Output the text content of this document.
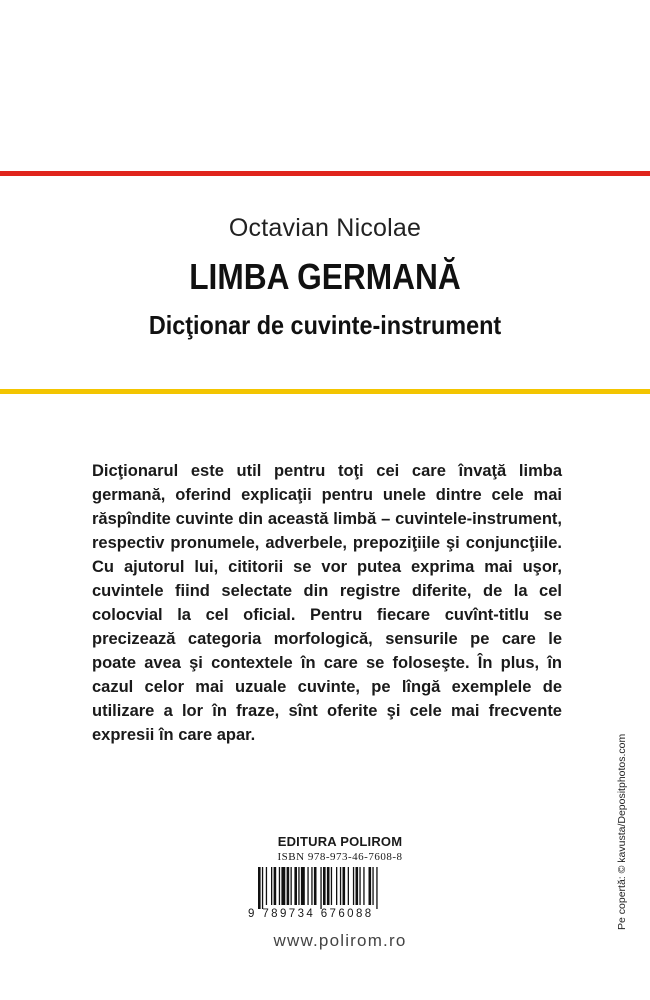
Octavian Nicolae
LIMBA GERMANĂ
Dicţionar de cuvinte-instrument
Dicţionarul este util pentru toţi cei care învaţă limba germană, oferind explicaţii pentru unele dintre cele mai răspîndite cuvinte din această limbă – cuvintele-instrument, respectiv pronumele, adverbele, prepoziţiile şi conjuncţiile. Cu ajutorul lui, cititorii se vor putea exprima mai uşor, cuvintele fiind selectate din registre diferite, de la cel colocvial la cel oficial. Pentru fiecare cuvînt-titlu se precizează categoria morfologică, sensurile pe care le poate avea şi contextele în care se foloseşte. În plus, în cazul celor mai uzuale cuvinte, pe lîngă exemplele de utilizare a lor în fraze, sînt oferite şi cele mai frecvente expresii în care apar.
EDITURA POLIROM
ISBN 978-973-46-7608-8
9 789734 676088
www.polirom.ro
Pe copertă: © kavusta/Depositphotos.com
